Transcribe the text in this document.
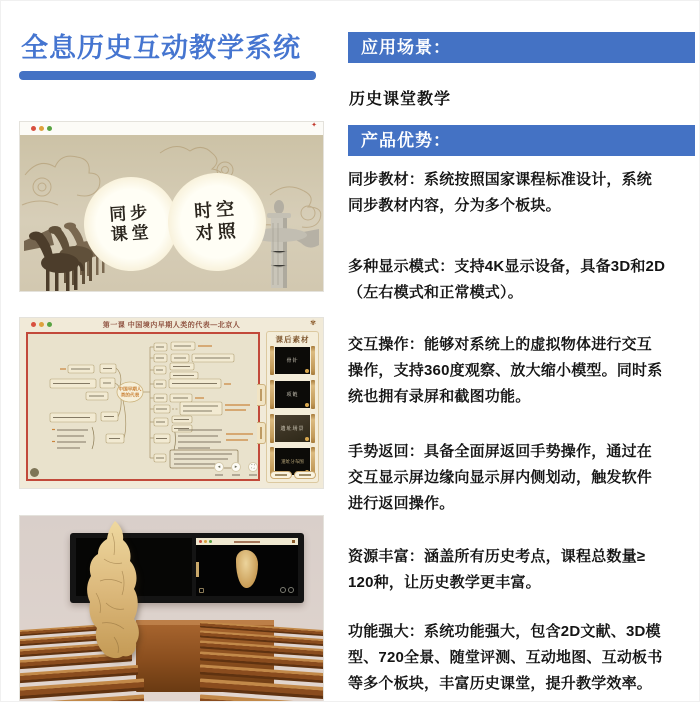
全息历史互动教学系统	应用场景：
历史课堂教学
产品优势：
同步教材：系统按照国家课程标准设计，系统
同步教材内容，分为多个板块。
多种显示模式：支持4K显示设备，具备3D和2D
（左右模式和正常模式）。
交互操作：能够对系统上的虚拟物体进行交互
操作，支持360度观察、放大缩小模型。同时系
统也拥有录屏和截图功能。
手势返回：具备全面屏返回手势操作，通过在
交互显示屏边缘向显示屏内侧划动，触发软件
进行返回操作。
资源丰富：涵盖所有历史考点，课程总数量≥
120种，让历史教学更丰富。
功能强大：系统功能强大，包含2D文献、3D模
型、720全景、随堂评测、互动地图、互动板书
等多个板块，丰富历史课堂，提升教学效率。
✦
同步
课堂
时空
对照
第一课 中国境内早期人类的代表—北京人	✾
中国早期人
类的代表
◂	▸	⛶
课后素材
骨针
项链
遗址场景
遗址分布图
